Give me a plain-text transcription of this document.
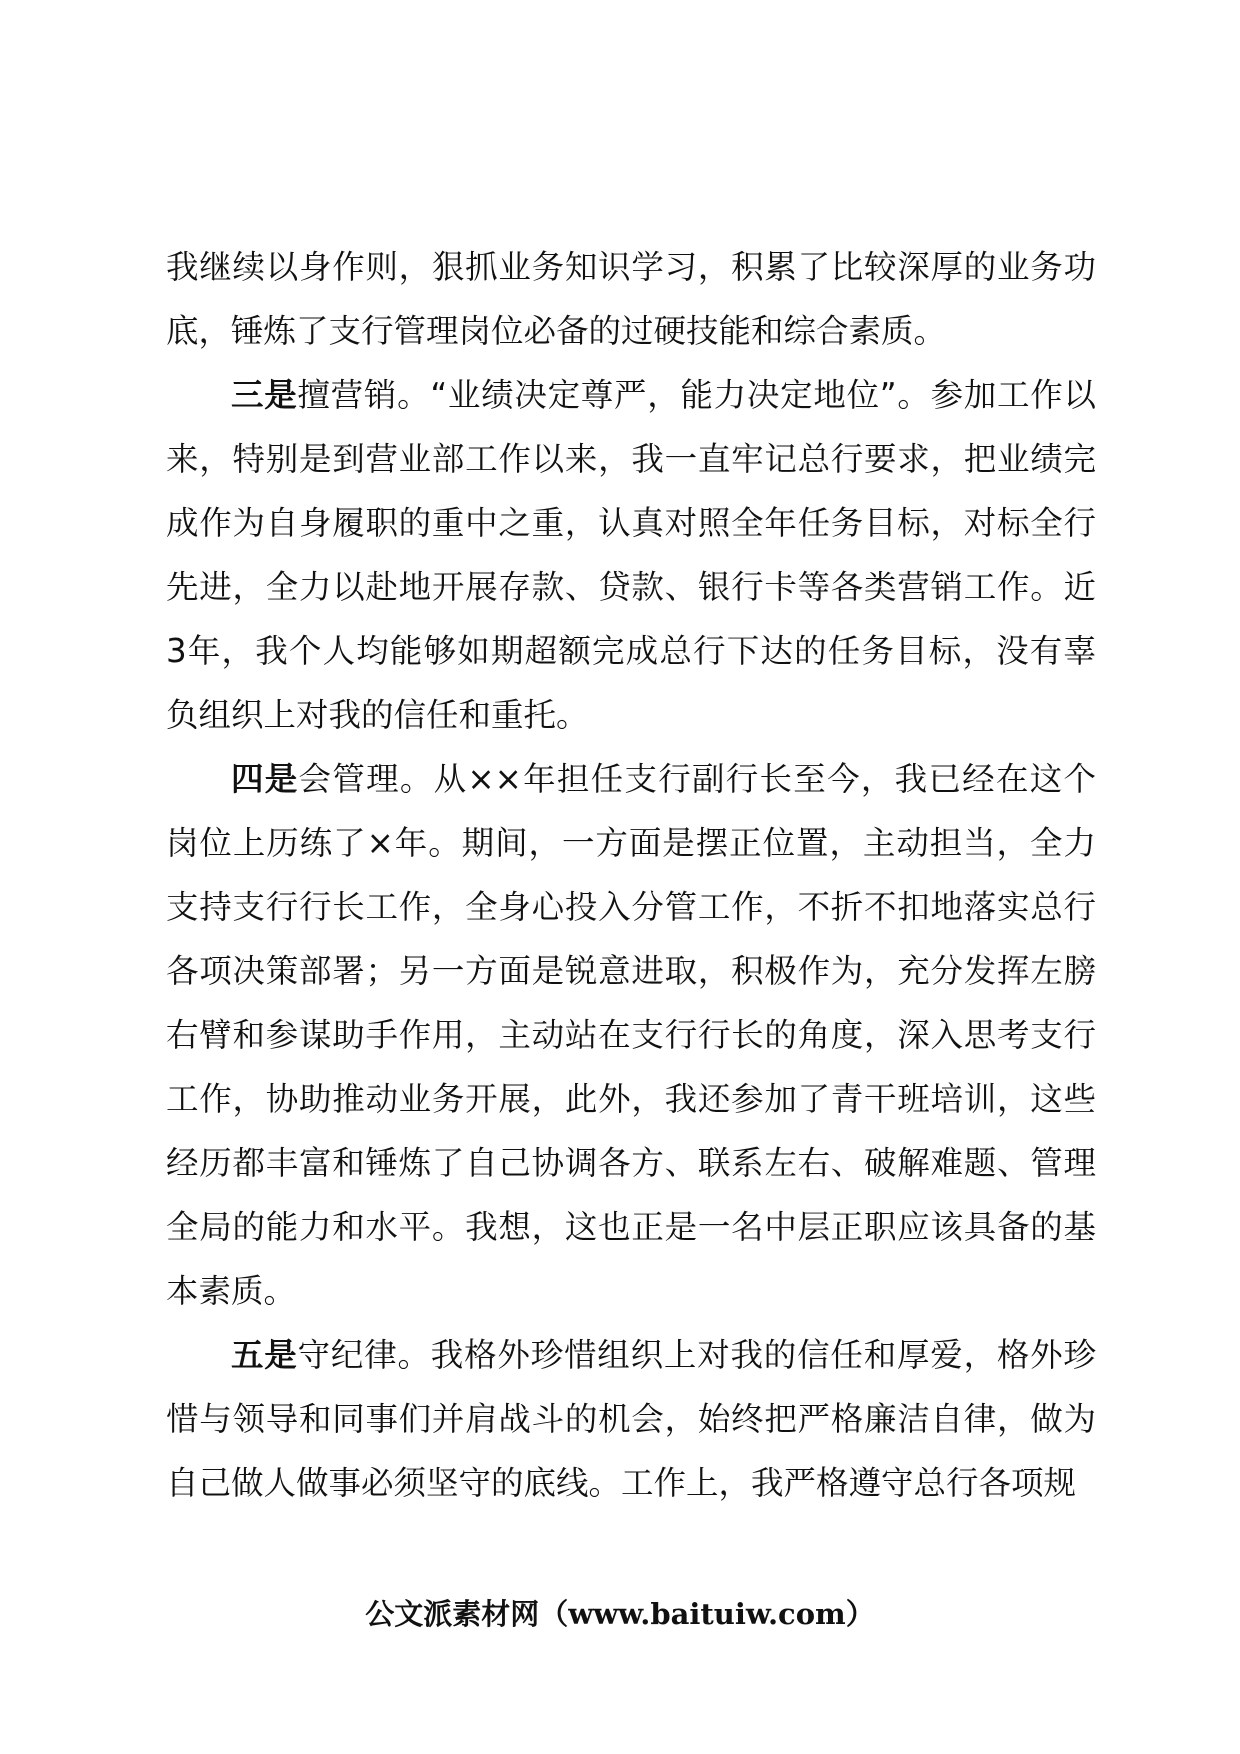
我继续以身作则，狠抓业务知识学习，积累了比较深厚的业务功底，锤炼了支行管理岗位必备的过硬技能和综合素质。

三是擅营销。“业绩决定尊严，能力决定地位”。参加工作以来，特别是到营业部工作以来，我一直牢记总行要求，把业绩完成作为自身履职的重中之重，认真对照全年任务目标，对标全行先进，全力以赴地开展存款、贷款、银行卡等各类营销工作。近3年，我个人均能够如期超额完成总行下达的任务目标，没有辜负组织上对我的信任和重托。

四是会管理。从××年担任支行副行长至今，我已经在这个岗位上历练了×年。期间，一方面是摆正位置，主动担当，全力支持支行行长工作，全身心投入分管工作，不折不扣地落实总行各项决策部署；另一方面是锐意进取，积极作为，充分发挥左膀右臂和参谋助手作用，主动站在支行行长的角度，深入思考支行工作，协助推动业务开展，此外，我还参加了青干班培训，这些经历都丰富和锤炼了自己协调各方、联系左右、破解难题、管理全局的能力和水平。我想，这也正是一名中层正职应该具备的基本素质。

五是守纪律。我格外珍惜组织上对我的信任和厚爱，格外珍惜与领导和同事们并肩战斗的机会，始终把严格廉洁自律，做为自己做人做事必须坚守的底线。工作上，我严格遵守总行各项规

公文派素材网（www.baituiw.com）
